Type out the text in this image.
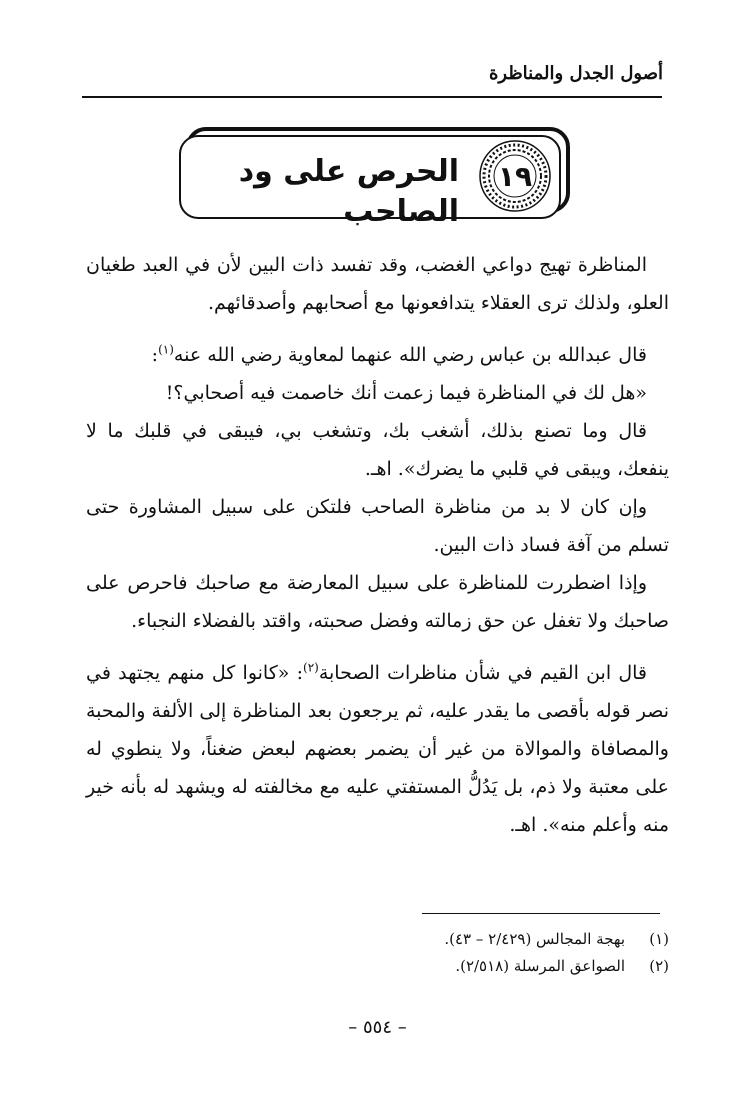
أصول الجدل والمناظرة
١٩
الحرص على ود الصاحب

المناظرة تهيج دواعي الغضب، وقد تفسد ذات البين لأن في العبد طغيان العلو، ولذلك ترى العقلاء يتدافعونها مع أصحابهم وأصدقائهم.

قال عبدالله بن عباس رضي الله عنهما لمعاوية رضي الله عنه$^{(١)}$:

«هل لك في المناظرة فيما زعمت أنك خاصمت فيه أصحابي؟!

قال وما تصنع بذلك، أشغب بك، وتشغب بي، فيبقى في قلبك ما لا ينفعك، ويبقى في قلبي ما يضرك». اهـ.

وإن كان لا بد من مناظرة الصاحب فلتكن على سبيل المشاورة حتى تسلم من آفة فساد ذات البين.

وإذا اضطررت للمناظرة على سبيل المعارضة مع صاحبك فاحرص على صاحبك ولا تغفل عن حق زمالته وفضل صحبته، واقتد بالفضلاء النجباء.

قال ابن القيم في شأن مناظرات الصحابة$^{(٢)}$: «كانوا كل منهم يجتهد في نصر قوله بأقصى ما يقدر عليه، ثم يرجعون بعد المناظرة إلى الألفة والمحبة والمصافاة والموالاة من غير أن يضمر بعضهم لبعض ضغناً، ولا ينطوي له على معتبة ولا ذم، بل يَدُلُّ المستفتي عليه مع مخالفته له ويشهد له بأنه خير منه وأعلم منه». اهـ.

(١)
بهجة المجالس (٢/٤٢٩ – ٤٣).
(٢)
الصواعق المرسلة (٢/٥١٨).
– ٥٥٤ –
